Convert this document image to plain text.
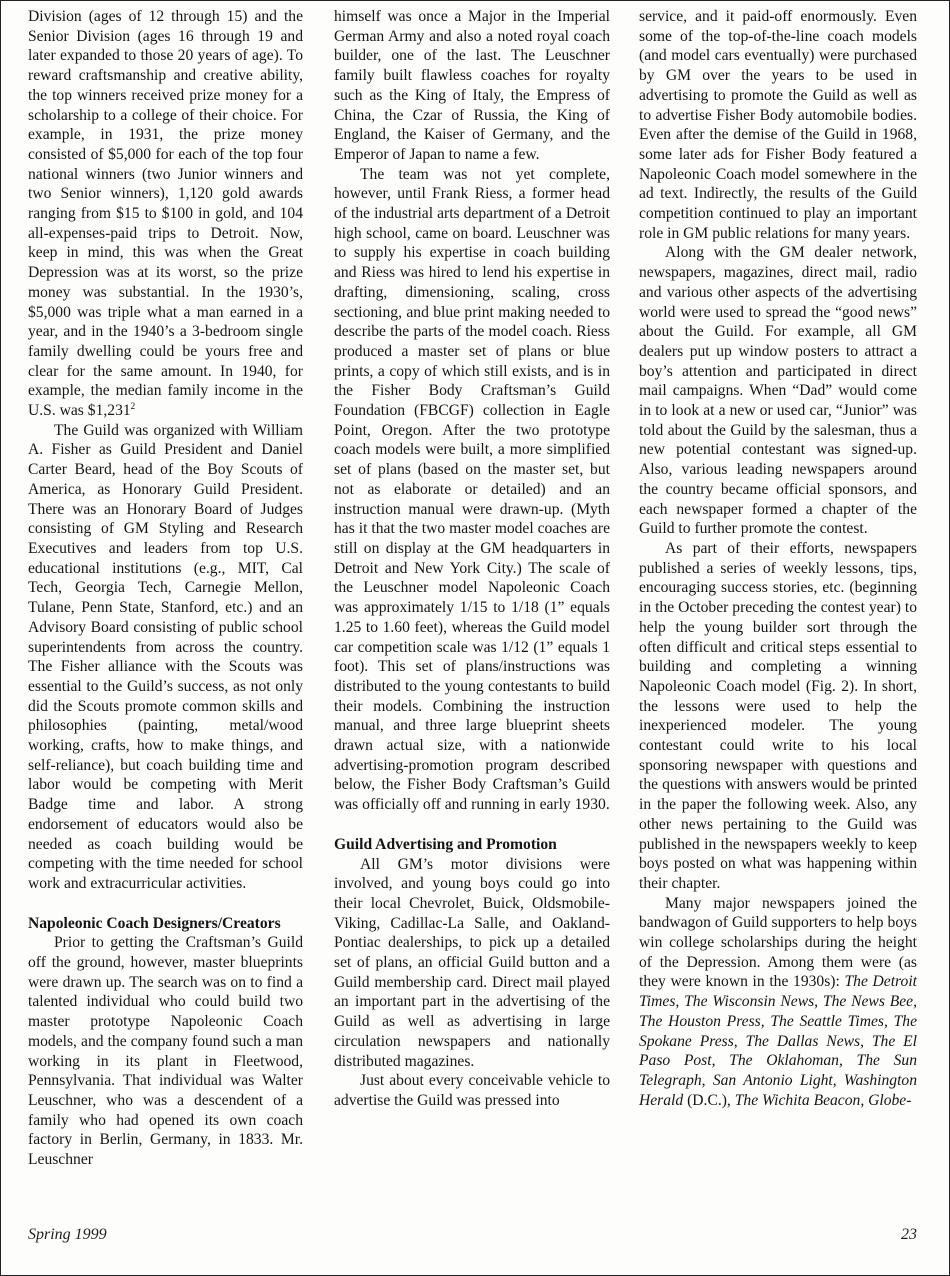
Division (ages of 12 through 15) and the Senior Division (ages 16 through 19 and later expanded to those 20 years of age). To reward craftsmanship and creative ability, the top winners received prize money for a scholarship to a college of their choice. For example, in 1931, the prize money consisted of $5,000 for each of the top four national winners (two Junior winners and two Senior winners), 1,120 gold awards ranging from $15 to $100 in gold, and 104 all-expenses-paid trips to Detroit. Now, keep in mind, this was when the Great Depression was at its worst, so the prize money was substantial. In the 1930’s, $5,000 was triple what a man earned in a year, and in the 1940’s a 3-bedroom single family dwelling could be yours free and clear for the same amount. In 1940, for example, the median family income in the U.S. was $1,231$^2$

The Guild was organized with William A. Fisher as Guild President and Daniel Carter Beard, head of the Boy Scouts of America, as Honorary Guild President. There was an Honorary Board of Judges consisting of GM Styling and Research Executives and leaders from top U.S. educational institutions (e.g., MIT, Cal Tech, Georgia Tech, Carnegie Mellon, Tulane, Penn State, Stanford, etc.) and an Advisory Board consisting of public school superintendents from across the country. The Fisher alliance with the Scouts was essential to the Guild’s success, as not only did the Scouts promote common skills and philosophies (painting, metal/wood working, crafts, how to make things, and self-reliance), but coach building time and labor would be competing with Merit Badge time and labor. A strong endorsement of educators would also be needed as coach building would be competing with the time needed for school work and extracurricular activities.

Napoleonic Coach Designers/Creators

Prior to getting the Craftsman’s Guild off the ground, however, master blueprints were drawn up. The search was on to find a talented individual who could build two master prototype Napoleonic Coach models, and the company found such a man working in its plant in Fleetwood, Pennsylvania. That individual was Walter Leuschner, who was a descendent of a family who had opened its own coach factory in Berlin, Germany, in 1833. Mr. Leuschner

himself was once a Major in the Imperial German Army and also a noted royal coach builder, one of the last. The Leuschner family built flawless coaches for royalty such as the King of Italy, the Empress of China, the Czar of Russia, the King of England, the Kaiser of Germany, and the Emperor of Japan to name a few.

The team was not yet complete, however, until Frank Riess, a former head of the industrial arts department of a Detroit high school, came on board. Leuschner was to supply his expertise in coach building and Riess was hired to lend his expertise in drafting, dimensioning, scaling, cross sectioning, and blue print making needed to describe the parts of the model coach. Riess produced a master set of plans or blue prints, a copy of which still exists, and is in the Fisher Body Craftsman’s Guild Foundation (FBCGF) collection in Eagle Point, Oregon. After the two prototype coach models were built, a more simplified set of plans (based on the master set, but not as elaborate or detailed) and an instruction manual were drawn-up. (Myth has it that the two master model coaches are still on display at the GM headquarters in Detroit and New York City.) The scale of the Leuschner model Napoleonic Coach was approximately 1/15 to 1/18 (1” equals 1.25 to 1.60 feet), whereas the Guild model car competition scale was 1/12 (1” equals 1 foot). This set of plans/instructions was distributed to the young contestants to build their models. Combining the instruction manual, and three large blueprint sheets drawn actual size, with a nationwide advertising-promotion program described below, the Fisher Body Craftsman’s Guild was officially off and running in early 1930.

Guild Advertising and Promotion

All GM’s motor divisions were involved, and young boys could go into their local Chevrolet, Buick, Oldsmobile-Viking, Cadillac-La Salle, and Oakland-Pontiac dealerships, to pick up a detailed set of plans, an official Guild button and a Guild membership card. Direct mail played an important part in the advertising of the Guild as well as advertising in large circulation newspapers and nationally distributed magazines.

Just about every conceivable vehicle to advertise the Guild was pressed into

service, and it paid-off enormously. Even some of the top-of-the-line coach models (and model cars eventually) were purchased by GM over the years to be used in advertising to promote the Guild as well as to advertise Fisher Body automobile bodies. Even after the demise of the Guild in 1968, some later ads for Fisher Body featured a Napoleonic Coach model somewhere in the ad text. Indirectly, the results of the Guild competition continued to play an important role in GM public relations for many years.

Along with the GM dealer network, newspapers, magazines, direct mail, radio and various other aspects of the advertising world were used to spread the “good news” about the Guild. For example, all GM dealers put up window posters to attract a boy’s attention and participated in direct mail campaigns. When “Dad” would come in to look at a new or used car, “Junior” was told about the Guild by the salesman, thus a new potential contestant was signed-up. Also, various leading newspapers around the country became official sponsors, and each newspaper formed a chapter of the Guild to further promote the contest.

As part of their efforts, newspapers published a series of weekly lessons, tips, encouraging success stories, etc. (beginning in the October preceding the contest year) to help the young builder sort through the often difficult and critical steps essential to building and completing a winning Napoleonic Coach model (Fig. 2). In short, the lessons were used to help the inexperienced modeler. The young contestant could write to his local sponsoring newspaper with questions and the questions with answers would be printed in the paper the following week. Also, any other news pertaining to the Guild was published in the newspapers weekly to keep boys posted on what was happening within their chapter.

Many major newspapers joined the bandwagon of Guild supporters to help boys win college scholarships during the height of the Depression. Among them were (as they were known in the 1930s): The Detroit Times, The Wisconsin News, The News Bee, The Houston Press, The Seattle Times, The Spokane Press, The Dallas News, The El Paso Post, The Oklahoman, The Sun Telegraph, San Antonio Light, Washington Herald (D.C.), The Wichita Beacon, Globe-

Spring 1999	23
